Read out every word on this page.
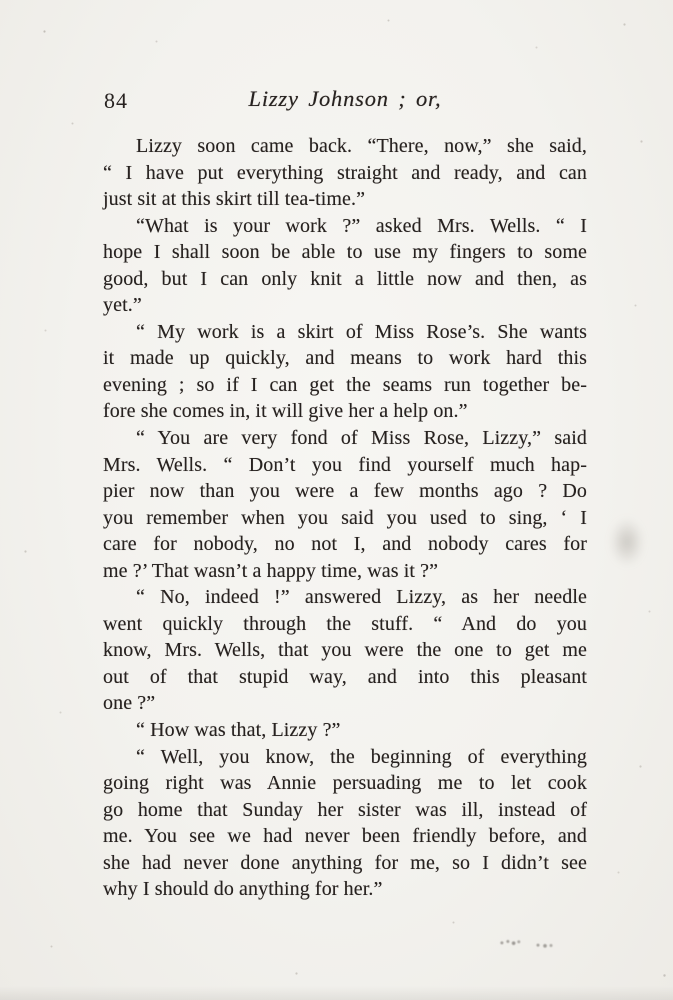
84	Lizzy Johnson ; or,

Lizzy soon came back. “There, now,” she said,
“ I have put everything straight and ready, and can
just sit at this skirt till tea-time.”

“What is your work ?” asked Mrs. Wells. “ I
hope I shall soon be able to use my fingers to some
good, but I can only knit a little now and then, as
yet.”

“ My work is a skirt of Miss Rose’s. She wants
it made up quickly, and means to work hard this
evening ; so if I can get the seams run together be-
fore she comes in, it will give her a help on.”

“ You are very fond of Miss Rose, Lizzy,” said
Mrs. Wells. “ Don’t you find yourself much hap-
pier now than you were a few months ago ? Do
you remember when you said you used to sing, ‘ I
care for nobody, no not I, and nobody cares for
me ?’ That wasn’t a happy time, was it ?”

“ No, indeed !” answered Lizzy, as her needle
went quickly through the stuff. “ And do you
know, Mrs. Wells, that you were the one to get me
out of that stupid way, and into this pleasant
one ?”

“ How was that, Lizzy ?”

“ Well, you know, the beginning of everything
going right was Annie persuading me to let cook
go home that Sunday her sister was ill, instead of
me. You see we had never been friendly before, and
she had never done anything for me, so I didn’t see
why I should do anything for her.”
